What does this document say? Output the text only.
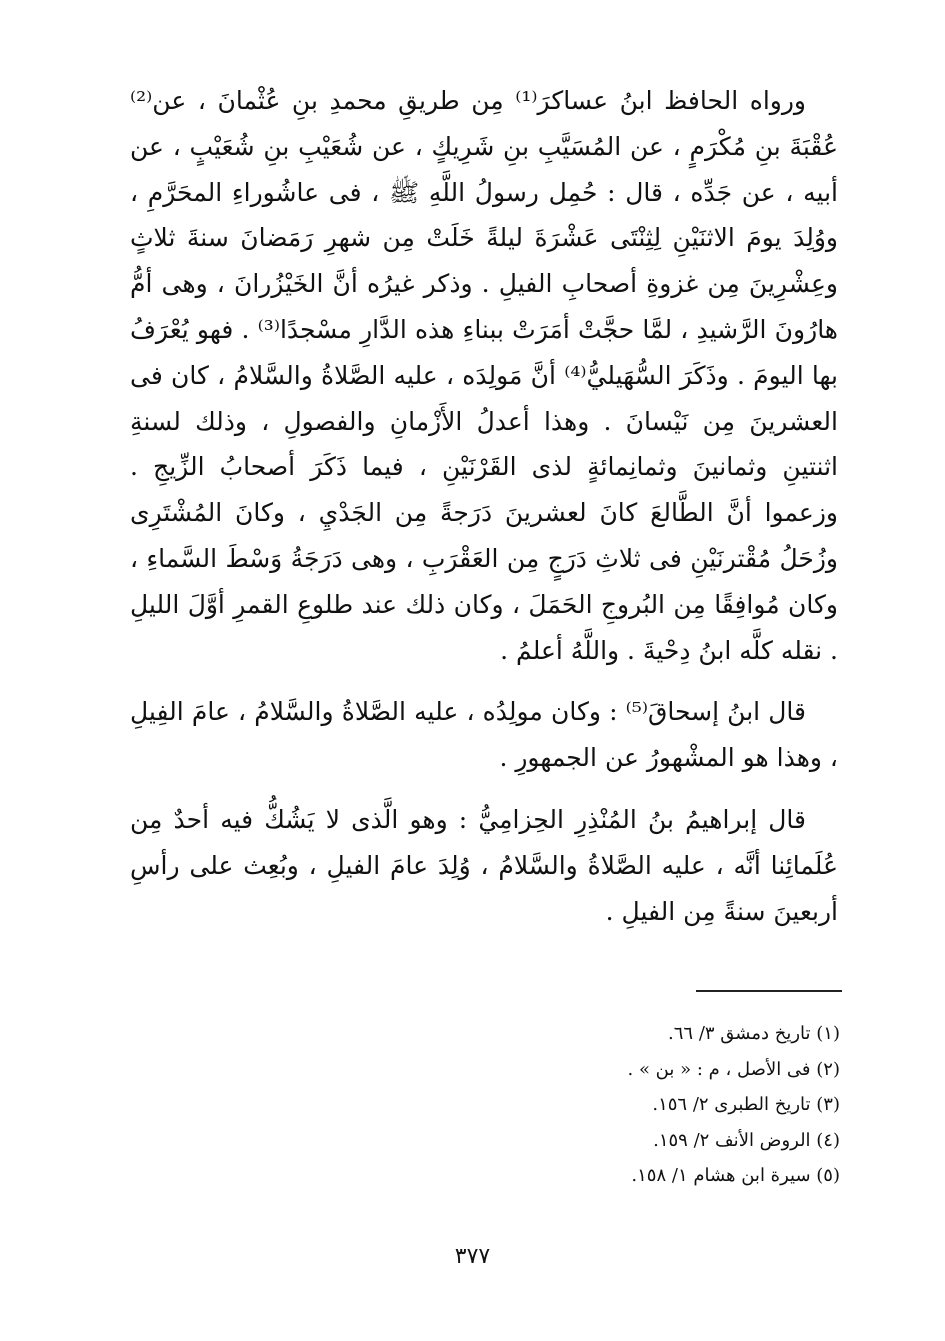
ورواه الحافظ ابنُ عساكرَ⁽¹⁾ مِن طريقِ محمدِ بنِ عُثْمانَ ، عن⁽²⁾ عُقْبَةَ بنِ مُكْرَمٍ ، عن المُسَيَّبِ بنِ شَرِيكٍ ، عن شُعَيْبِ بنِ شُعَيْبٍ ، عن أبيه ، عن جَدِّه ، قال : حُمِل رسولُ اللَّهِ ﷺ ، فى عاشُوراءِ المحَرَّمِ ، ووُلِدَ يومَ الاثنَيْنِ لِثِنْتَى عَشْرَةَ ليلةً خَلَتْ مِن شهرِ رَمَضانَ سنةَ ثلاثٍ وعِشْرِينَ مِن غزوةِ أصحابِ الفيلِ . وذكر غيرُه أنَّ الخَيْزُرانَ ، وهى أمُّ هارُونَ الرَّشيدِ ، لمَّا حجَّتْ أمَرَتْ ببناءِ هذه الدَّارِ مسْجدًا⁽³⁾ . فهو يُعْرَفُ بها اليومَ . وذَكَرَ السُّهَيليُّ⁽⁴⁾ أنَّ مَولِدَه ، عليه الصَّلاةُ والسَّلامُ ، كان فى العشرينَ مِن نَيْسانَ . وهذا أعدلُ الأَزْمانِ والفصولِ ، وذلك لسنةِ اثنتينِ وثمانينَ وثمانِمائةٍ لذى القَرْنَيْنِ ، فيما ذَكَرَ أصحابُ الزِّيجِ . وزعموا أنَّ الطَّالعَ كانَ لعشرينَ دَرَجةً مِن الجَدْيِ ، وكانَ المُشْتَرِى وزُحَلُ مُقْترنَيْنِ فى ثلاثِ دَرَجٍ مِن العَقْرَبِ ، وهى دَرَجَةُ وَسْطَ السَّماءِ ، وكان مُوافِقًا مِن البُروجِ الحَمَلَ ، وكان ذلك عند طلوعِ القمرِ أوَّلَ الليلِ . نقله كلَّه ابنُ دِحْيةَ . واللَّهُ أعلمُ .

قال ابنُ إسحاقَ⁽⁵⁾ : وكان مولِدُه ، عليه الصَّلاةُ والسَّلامُ ، عامَ الفِيلِ ، وهذا هو المشْهورُ عن الجمهورِ .

قال إبراهيمُ بنُ المُنْذِرِ الحِزامِيُّ : وهو الَّذى لا يَشُكُّ فيه أحدٌ مِن عُلَمائِنا أنَّه ، عليه الصَّلاةُ والسَّلامُ ، وُلِدَ عامَ الفيلِ ، وبُعِث على رأسِ أربعينَ سنةً مِن الفيلِ .

(١) تاريخ دمشق ٣/ ٦٦.
(٢) فى الأصل ، م : « بن » .
(٣) تاريخ الطبرى ٢/ ١٥٦.
(٤) الروض الأنف ٢/ ١٥٩.
(٥) سيرة ابن هشام ١/ ١٥٨.
٣٧٧
